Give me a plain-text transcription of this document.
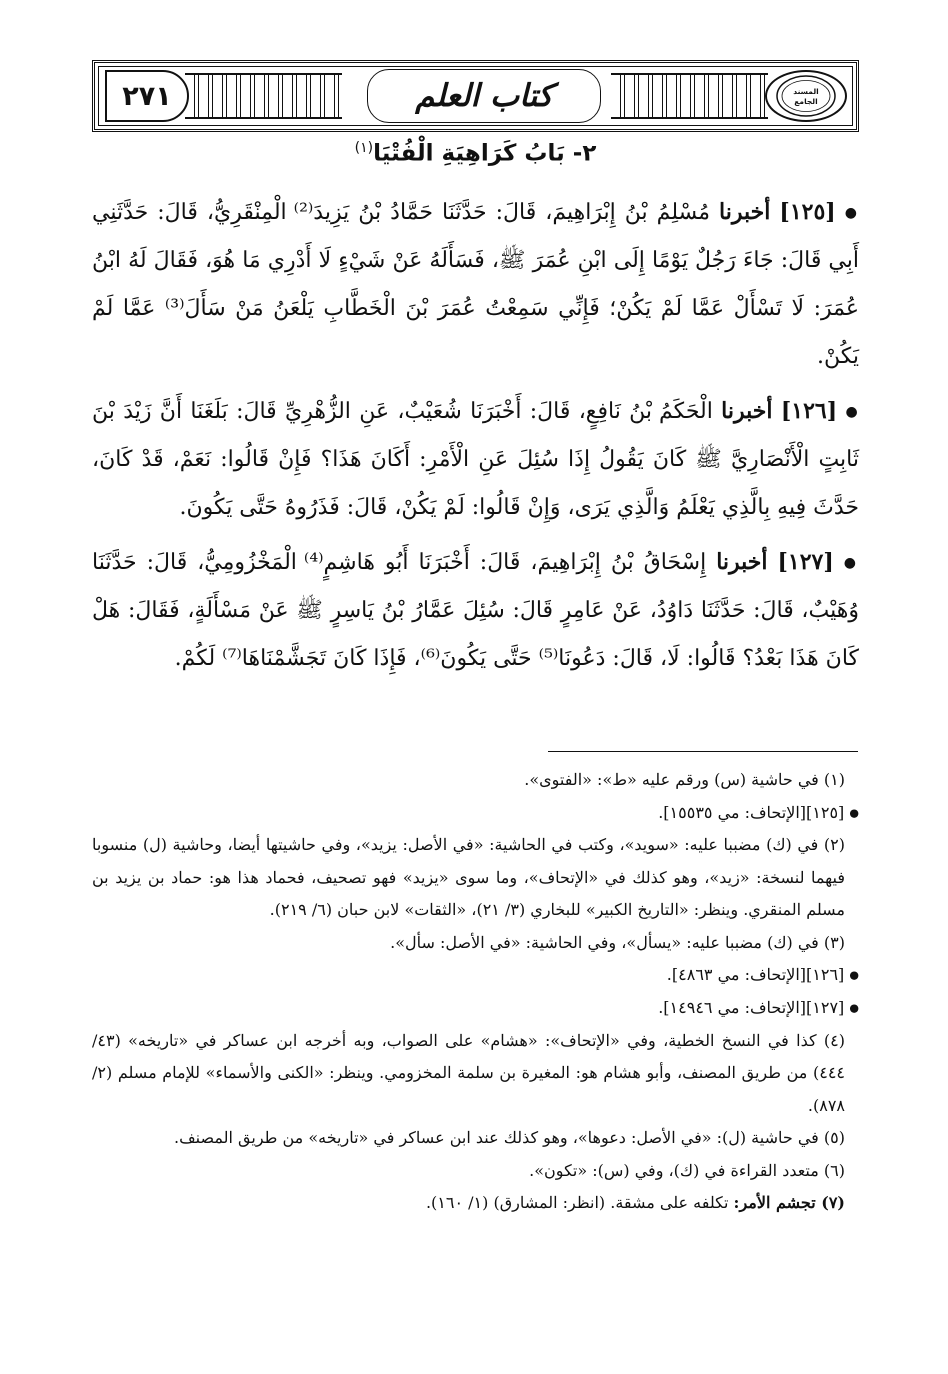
كتاب العلم
٢٧١	المسند
الجامع
٢- بَابُ كَرَاهِيَةِ الْفُتْيَا$^{(١)}$

● [١٢٥] أخبرنا مُسْلِمُ بْنُ إِبْرَاهِيمَ، قَالَ: حَدَّثَنَا حَمَّادُ بْنُ يَزِيدَ⁽²⁾ الْمِنْقَرِيُّ، قَالَ: حَدَّثَنِي أَبِي قَالَ: جَاءَ رَجُلٌ يَوْمًا إِلَى ابْنِ عُمَرَ ﷺ، فَسَأَلَهُ عَنْ شَيْءٍ لَا أَدْرِي مَا هُوَ، فَقَالَ لَهُ ابْنُ عُمَرَ: لَا تَسْأَلْ عَمَّا لَمْ يَكُنْ؛ فَإِنِّي سَمِعْتُ عُمَرَ بْنَ الْخَطَّابِ يَلْعَنُ مَنْ سَأَلَ⁽³⁾ عَمَّا لَمْ يَكُنْ.

● [١٢٦] أخبرنا الْحَكَمُ بْنُ نَافِعٍ، قَالَ: أَخْبَرَنَا شُعَيْبٌ، عَنِ الزُّهْرِيِّ قَالَ: بَلَغَنَا أَنَّ زَيْدَ بْنَ ثَابِتٍ الْأَنْصَارِيَّ ﷺ كَانَ يَقُولُ إِذَا سُئِلَ عَنِ الْأَمْرِ: أَكَانَ هَذَا؟ فَإِنْ قَالُوا: نَعَمْ، قَدْ كَانَ، حَدَّثَ فِيهِ بِالَّذِي يَعْلَمُ وَالَّذِي يَرَى، وَإِنْ قَالُوا: لَمْ يَكُنْ، قَالَ: فَذَرُوهُ حَتَّى يَكُونَ.

● [١٢٧] أخبرنا إِسْحَاقُ بْنُ إِبْرَاهِيمَ، قَالَ: أَخْبَرَنَا أَبُو هَاشِمٍ⁽⁴⁾ الْمَخْزُومِيُّ، قَالَ: حَدَّثَنَا وُهَيْبٌ، قَالَ: حَدَّثَنَا دَاوُدُ، عَنْ عَامِرٍ قَالَ: سُئِلَ عَمَّارُ بْنُ يَاسِرٍ ﷺ عَنْ مَسْأَلَةٍ، فَقَالَ: هَلْ كَانَ هَذَا بَعْدُ؟ قَالُوا: لَا، قَالَ: دَعُونَا⁽⁵⁾ حَتَّى يَكُونَ⁽⁶⁾، فَإِذَا كَانَ تَجَشَّمْنَاهَا⁽⁷⁾ لَكُمْ.

(١) في حاشية (س) ورقم عليه «ط»: «الفتوى».

● [١٢٥][الإتحاف: مي ١٥٥٣٥].

(٢) في (ك) مضببا عليه: «سويد»، وكتب في الحاشية: «في الأصل: يزيد»، وفي حاشيتها أيضا، وحاشية (ل) منسوبا فيهما لنسخة: «زيد»، وهو كذلك في «الإتحاف»، وما سوى «يزيد» فهو تصحيف، فحماد هذا هو: حماد بن يزيد بن مسلم المنقري. وينظر: «التاريخ الكبير» للبخاري (٣/ ٢١)، «الثقات» لابن حبان (٦/ ٢١٩).

(٣) في (ك) مضببا عليه: «يسأل»، وفي الحاشية: «في الأصل: سأل».

● [١٢٦][الإتحاف: مي ٤٨٦٣].

● [١٢٧][الإتحاف: مي ١٤٩٤٦].

(٤) كذا في النسخ الخطية، وفي «الإتحاف»: «هشام» على الصواب، وبه أخرجه ابن عساكر في «تاريخه» (٤٣/ ٤٤٤) من طريق المصنف، وأبو هشام هو: المغيرة بن سلمة المخزومي. وينظر: «الكنى والأسماء» للإمام مسلم (٢/ ٨٧٨).

(٥) في حاشية (ل): «في الأصل: دعوها»، وهو كذلك عند ابن عساكر في «تاريخه» من طريق المصنف.

(٦) متعدد القراءة في (ك)، وفي (س): «تكون».

(٧) تجشم الأمر: تكلفه على مشقة. (انظر: المشارق) (١/ ١٦٠).
